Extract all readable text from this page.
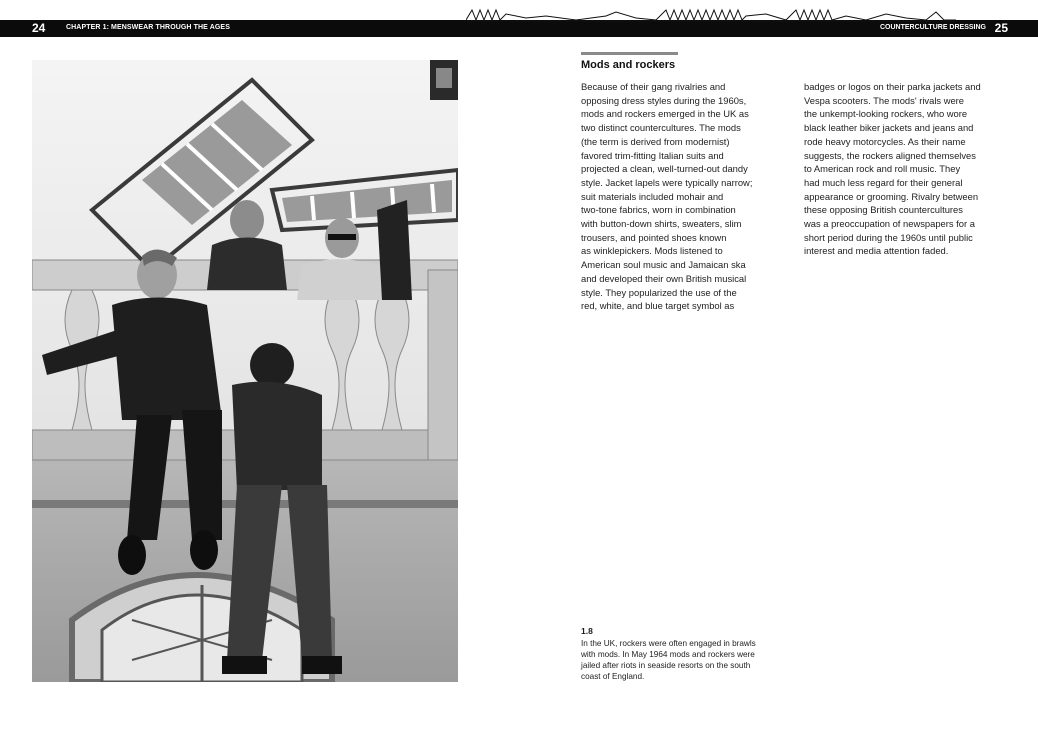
24	CHAPTER 1: MENSWEAR THROUGH THE AGES	COUNTERCULTURE DRESSING 25
Mods and rockers
Because of their gang rivalries and
opposing dress styles during the 1960s,
mods and rockers emerged in the UK as
two distinct countercultures. The mods
(the term is derived from modernist)
favored trim-fitting Italian suits and
projected a clean, well-turned-out dandy
style. Jacket lapels were typically narrow;
suit materials included mohair and
two-tone fabrics, worn in combination
with button-down shirts, sweaters, slim
trousers, and pointed shoes known
as winklepickers. Mods listened to
American soul music and Jamaican ska
and developed their own British musical
style. They popularized the use of the
red, white, and blue target symbol as
badges or logos on their parka jackets and
Vespa scooters. The mods' rivals were
the unkempt-looking rockers, who wore
black leather biker jackets and jeans and
rode heavy motorcycles. As their name
suggests, the rockers aligned themselves
to American rock and roll music. They
had much less regard for their general
appearance or grooming. Rivalry between
these opposing British countercultures
was a preoccupation of newspapers for a
short period during the 1960s until public
interest and media attention faded.
1.8
In the UK, rockers were often engaged in brawls
with mods. In May 1964 mods and rockers were
jailed after riots in seaside resorts on the south
coast of England.
